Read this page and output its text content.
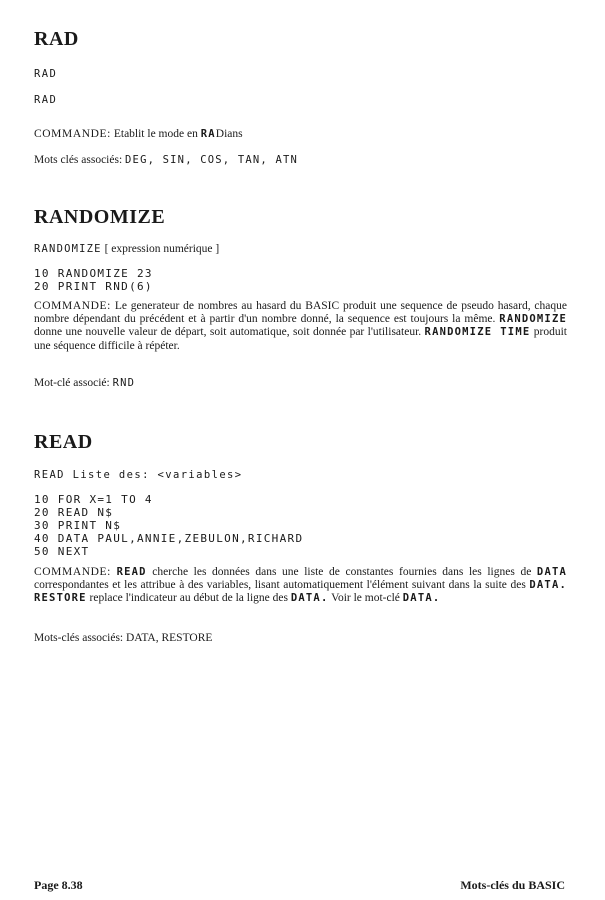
RAD
RAD
RAD

COMMANDE: Etablit le mode en RADians

Mots clés associés: DEG, SIN, COS, TAN, ATN

RANDOMIZE

RANDOMIZE [ expression numérique ]

10 RANDOMIZE 23
20 PRINT RND(6)

COMMANDE: Le generateur de nombres au hasard du BASIC produit une sequence de pseudo hasard, chaque nombre dépendant du précédent et à partir d'un nombre donné, la sequence est toujours la même. RANDOMIZE donne une nouvelle valeur de départ, soit automatique, soit donnée par l'utilisateur. RANDOMIZE TIME produit une séquence difficile à répéter.

Mot-clé associé: RND

READ
READ Liste des: <variables>
10 FOR X=1 TO 4
20 READ N$
30 PRINT N$
40 DATA PAUL,ANNIE,ZEBULON,RICHARD
50 NEXT

COMMANDE: READ cherche les données dans une liste de constantes fournies dans les lignes de DATA correspondantes et les attribue à des variables, lisant automatiquement l'élément suivant dans la suite des DATA. RESTORE replace l'indicateur au début de la ligne des DATA. Voir le mot-clé DATA.

Mots-clés associés: DATA, RESTORE

Page 8.38	Mots-clés du BASIC
